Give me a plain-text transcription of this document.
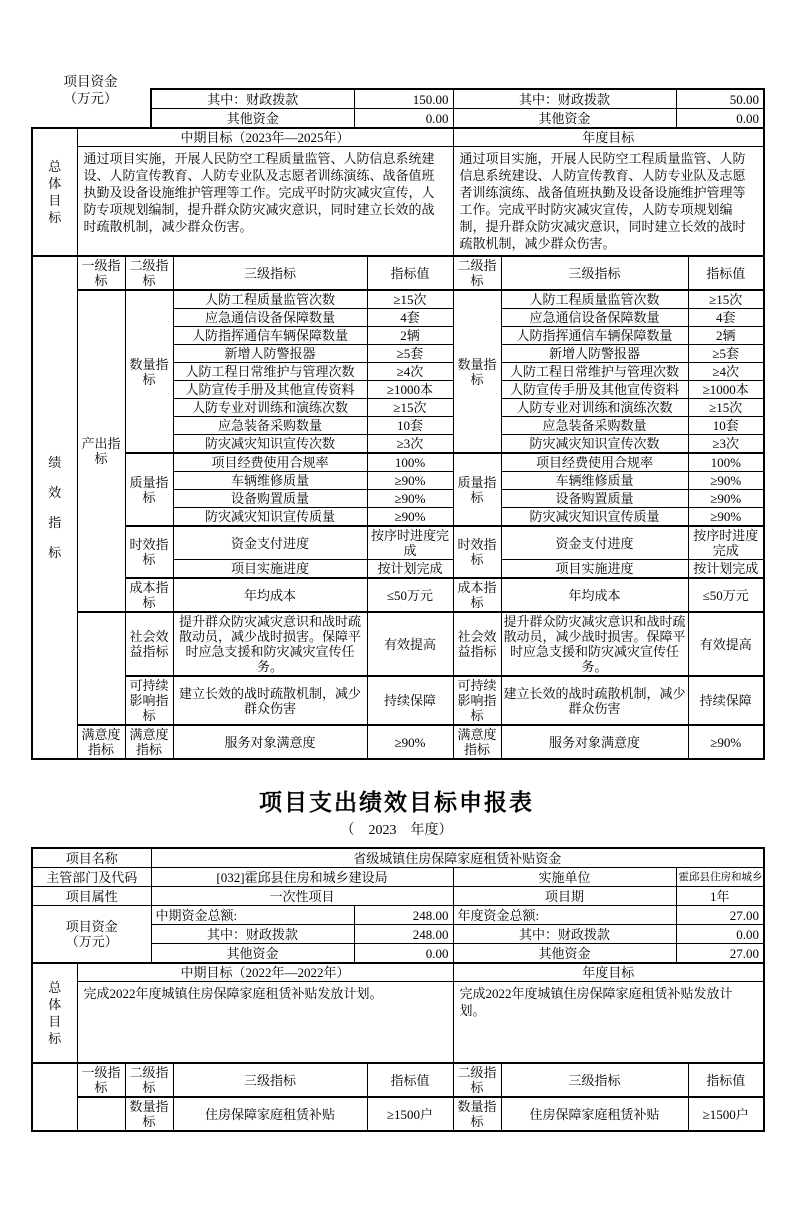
项目资金
（万元）	其中：财政拨款	150.00	其中：财政拨款	50.00
其他资金	0.00	其他资金	0.00
总
体
目
标	中期目标（2023年—2025年）	年度目标
	通过项目实施，开展人民防空工程质量监管、人防信息系统建设、人防宣传教育、人防专业队及志愿者训练演练、战备值班执勤及设备设施维护管理等工作。完成平时防灾减灾宣传，人防专项规划编制，提升群众防灾减灾意识，同时建立长效的战时疏散机制，减少群众伤害。	通过项目实施，开展人民防空工程质量监管、人防信息系统建设、人防宣传教育、人防专业队及志愿者训练演练、战备值班执勤及设备设施维护管理等工作。完成平时防灾减灾宣传，人防专项规划编制，提升群众防灾减灾意识，同时建立长效的战时疏散机制，减少群众伤害。
绩
效
指
标	一级指标	二级指标	三级指标	指标值	二级指标	三级指标	指标值
	产出指标	数量指标	人防工程质量监管次数	≥15次	数量指标	人防工程质量监管次数	≥15次
			应急通信设备保障数量	4套		应急通信设备保障数量	4套
			人防指挥通信车辆保障数量	2辆		人防指挥通信车辆保障数量	2辆
			新增人防警报器	≥5套		新增人防警报器	≥5套
			人防工程日常维护与管理次数	≥4次		人防工程日常维护与管理次数	≥4次
			人防宣传手册及其他宣传资料	≥1000本		人防宣传手册及其他宣传资料	≥1000本
			人防专业对训练和演练次数	≥15次		人防专业对训练和演练次数	≥15次
			应急装备采购数量	10套		应急装备采购数量	10套
			防灾减灾知识宣传次数	≥3次		防灾减灾知识宣传次数	≥3次
		质量指标	项目经费使用合规率	100%	质量指标	项目经费使用合规率	100%
			车辆维修质量	≥90%		车辆维修质量	≥90%
			设备购置质量	≥90%		设备购置质量	≥90%
			防灾减灾知识宣传质量	≥90%		防灾减灾知识宣传质量	≥90%
		时效指标	资金支付进度	按序时进度完成	时效指标	资金支付进度	按序时进度完成
			项目实施进度	按计划完成		项目实施进度	按计划完成
		成本指标	年均成本	≤50万元	成本指标	年均成本	≤50万元
		社会效益指标	提升群众防灾减灾意识和战时疏散动员，减少战时损害。保障平时应急支援和防灾减灾宣传任务。	有效提高	社会效益指标	提升群众防灾减灾意识和战时疏散动员，减少战时损害。保障平时应急支援和防灾减灾宣传任务。	有效提高
		可持续影响指标	建立长效的战时疏散机制，减少群众伤害	持续保障	可持续影响指标	建立长效的战时疏散机制，减少群众伤害	持续保障
	满意度指标	满意度指标	服务对象满意度	≥90%	满意度指标	服务对象满意度	≥90%
项目支出绩效目标申报表
（　2023　年度）
项目名称	省级城镇住房保障家庭租赁补贴资金			
主管部门及代码	[032]霍邱县住房和城乡建设局		实施单位	霍邱县住房和城乡
项目属性	一次性项目		项目期	1年

项目资金
（万元）	中期资金总额:	248.00	年度资金总额:	27.00
	其中：财政拨款	248.00	其中：财政拨款	0.00
	其他资金	0.00	其他资金	27.00
总
体
目
标	中期目标（2022年—2022年）	年度目标
	完成2022年度城镇住房保障家庭租赁补贴发放计划。	完成2022年度城镇住房保障家庭租赁补贴发放计划。
	一级指标	二级指标	三级指标	指标值	二级指标	三级指标	指标值
		数量指标	住房保障家庭租赁补贴	≥1500户	数量指标	住房保障家庭租赁补贴	≥1500户
